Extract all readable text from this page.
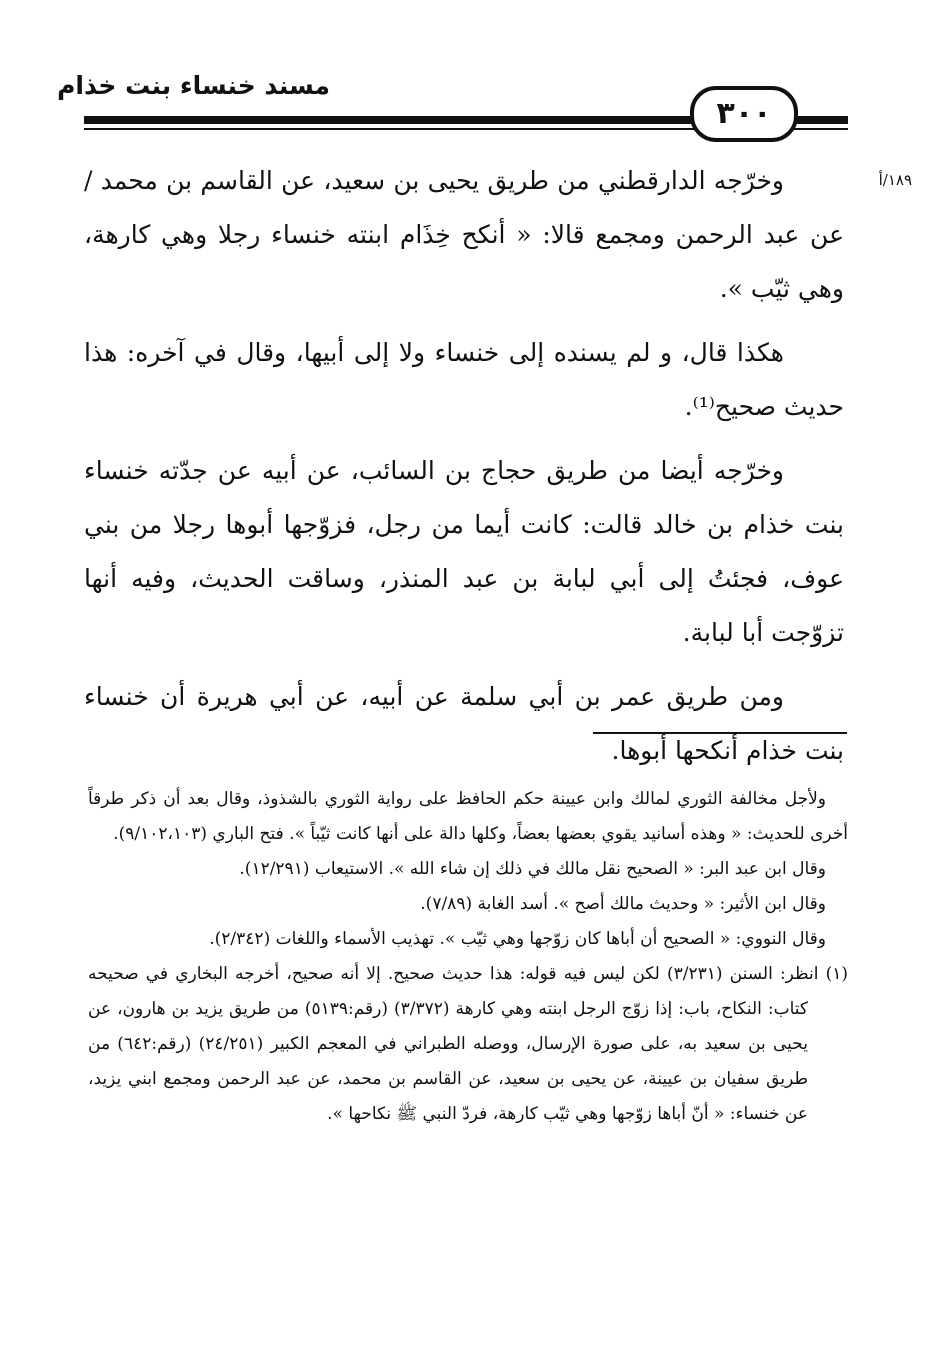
مسند خنساء بنت خذام
٣٠٠
١٨٩/أ

وخرّجه الدارقطني من طريق يحيى بن سعيد، عن القاسم بن محمد / عن عبد الرحمن ومجمع قالا: « أنكح خِذَام ابنته خنساء رجلا وهي كارهة، وهي ثيّب ».

هكذا قال، و لم يسنده إلى خنساء ولا إلى أبيها، وقال في آخره: هذا حديث صحيح⁽¹⁾.

وخرّجه أيضا من طريق حجاج بن السائب، عن أبيه عن جدّته خنساء بنت خذام بن خالد قالت: كانت أيما من رجل، فزوّجها أبوها رجلا من بني عوف، فجئتُ إلى أبي لبابة بن عبد المنذر، وساقت الحديث، وفيه أنها تزوّجت أبا لبابة.

ومن طريق عمر بن أبي سلمة عن أبيه، عن أبي هريرة أن خنساء بنت خذام أنكحها أبوها.

ولأجل مخالفة الثوري لمالك وابن عيينة حكم الحافظ على رواية الثوري بالشذوذ، وقال بعد أن ذكر طرقاً أخرى للحديث: « وهذه أسانيد يقوي بعضها بعضاً، وكلها دالة على أنها كانت ثيّباً ». فتح الباري (٩/١٠٢،١٠٣).

وقال ابن عبد البر: « الصحيح نقل مالك في ذلك إن شاء الله ». الاستيعاب (١٢/٢٩١).

وقال ابن الأثير: « وحديث مالك أصح ». أسد الغابة (٧/٨٩).

وقال النووي: « الصحيح أن أباها كان زوّجها وهي ثيّب ». تهذيب الأسماء واللغات (٢/٣٤٢).

(١) انظر: السنن (٣/٢٣١) لكن ليس فيه قوله: هذا حديث صحيح. إلا أنه صحيح، أخرجه البخاري في صحيحه كتاب: النكاح، باب: إذا زوّج الرجل ابنته وهي كارهة (٣/٣٧٢) (رقم:٥١٣٩) من طريق يزيد بن هارون، عن يحيى بن سعيد به، على صورة الإرسال، ووصله الطبراني في المعجم الكبير (٢٤/٢٥١) (رقم:٦٤٢) من طريق سفيان بن عيينة، عن يحيى بن سعيد، عن القاسم بن محمد، عن عبد الرحمن ومجمع ابني يزيد، عن خنساء: « أنّ أباها زوّجها وهي ثيّب كارهة، فردّ النبي ﷺ نكاحها ».
